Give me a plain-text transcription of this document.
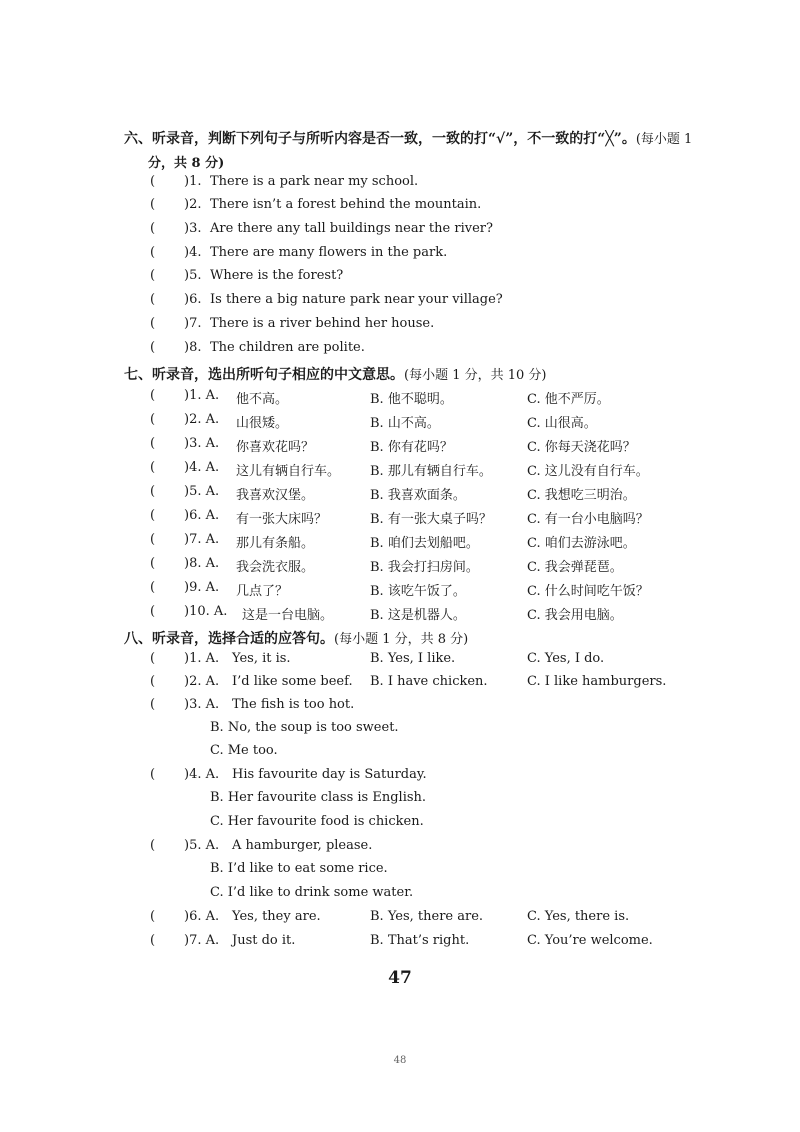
六、听录音，判断下列句子与所听内容是否一致，一致的打“√”，不一致的打“╳”。(每小题 1
分，共 8 分)
( )1. There is a park near my school.
( )2. There isn’t a forest behind the mountain.
( )3. Are there any tall buildings near the river?
( )4. There are many flowers in the park.
( )5. Where is the forest?
( )6. Is there a big nature park near your village?
( )7. There is a river behind her house.
( )8. The children are polite.
七、听录音，选出所听句子相应的中文意思。(每小题 1 分，共 10 分)
( )1. A. 他不高。	B. 他不聪明。	C. 他不严厉。
( )2. A. 山很矮。	B. 山不高。	C. 山很高。
( )3. A. 你喜欢花吗？	B. 你有花吗？	C. 你每天浇花吗？
( )4. A. 这儿有辆自行车。 B. 那儿有辆自行车。	C. 这儿没有自行车。
( )5. A. 我喜欢汉堡。	B. 我喜欢面条。	C. 我想吃三明治。
( )6. A. 有一张大床吗？	B. 有一张大桌子吗？	C. 有一台小电脑吗？
( )7. A. 那儿有条船。	B. 咱们去划船吧。	C. 咱们去游泳吧。
( )8. A. 我会洗衣服。	B. 我会打扫房间。	C. 我会弹琵琶。
( )9. A. 几点了？	B. 该吃午饭了。	C. 什么时间吃午饭？
( )10. A. 这是一台电脑。	B. 这是机器人。	C. 我会用电脑。
八、听录音，选择合适的应答句。(每小题 1 分，共 8 分)
( )1. A. Yes, it is.	B. Yes, I like.	C. Yes, I do.
( )2. A. I’d like some beef. B. I have chicken.	C. I like hamburgers.
( )3. A. The fish is too hot.
B. No, the soup is too sweet.
C. Me too.
( )4. A. His favourite day is Saturday.
B. Her favourite class is English.
C. Her favourite food is chicken.
( )5. A. A hamburger, please.
B. I’d like to eat some rice.
C. I’d like to drink some water.
( )6. A. Yes, they are.	B. Yes, there are.	C. Yes, there is.
( )7. A. Just do it.	B. That’s right.	C. You’re welcome.
47
48
